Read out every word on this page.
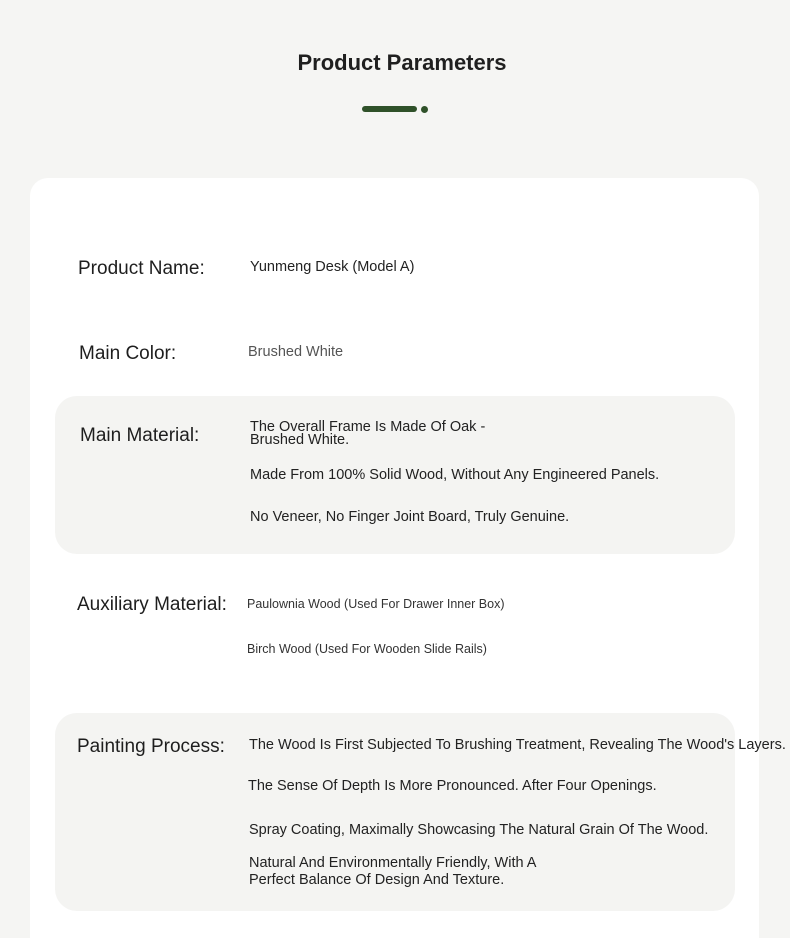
Product Parameters
Product Name:	Yunmeng Desk (Model A)
Main Color:	Brushed White
Main Material:	The Overall Frame Is Made Of Oak -
Brushed White.
Made From 100% Solid Wood, Without Any Engineered Panels.
No Veneer, No Finger Joint Board, Truly Genuine.
Auxiliary Material: Paulownia Wood (Used For Drawer Inner Box)
Birch Wood (Used For Wooden Slide Rails)
Painting Process: The Wood Is First Subjected To Brushing Treatment, Revealing The Wood's Layers.
The Sense Of Depth Is More Pronounced. After Four Openings.
Spray Coating, Maximally Showcasing The Natural Grain Of The Wood.
Natural And Environmentally Friendly, With A
Perfect Balance Of Design And Texture.
